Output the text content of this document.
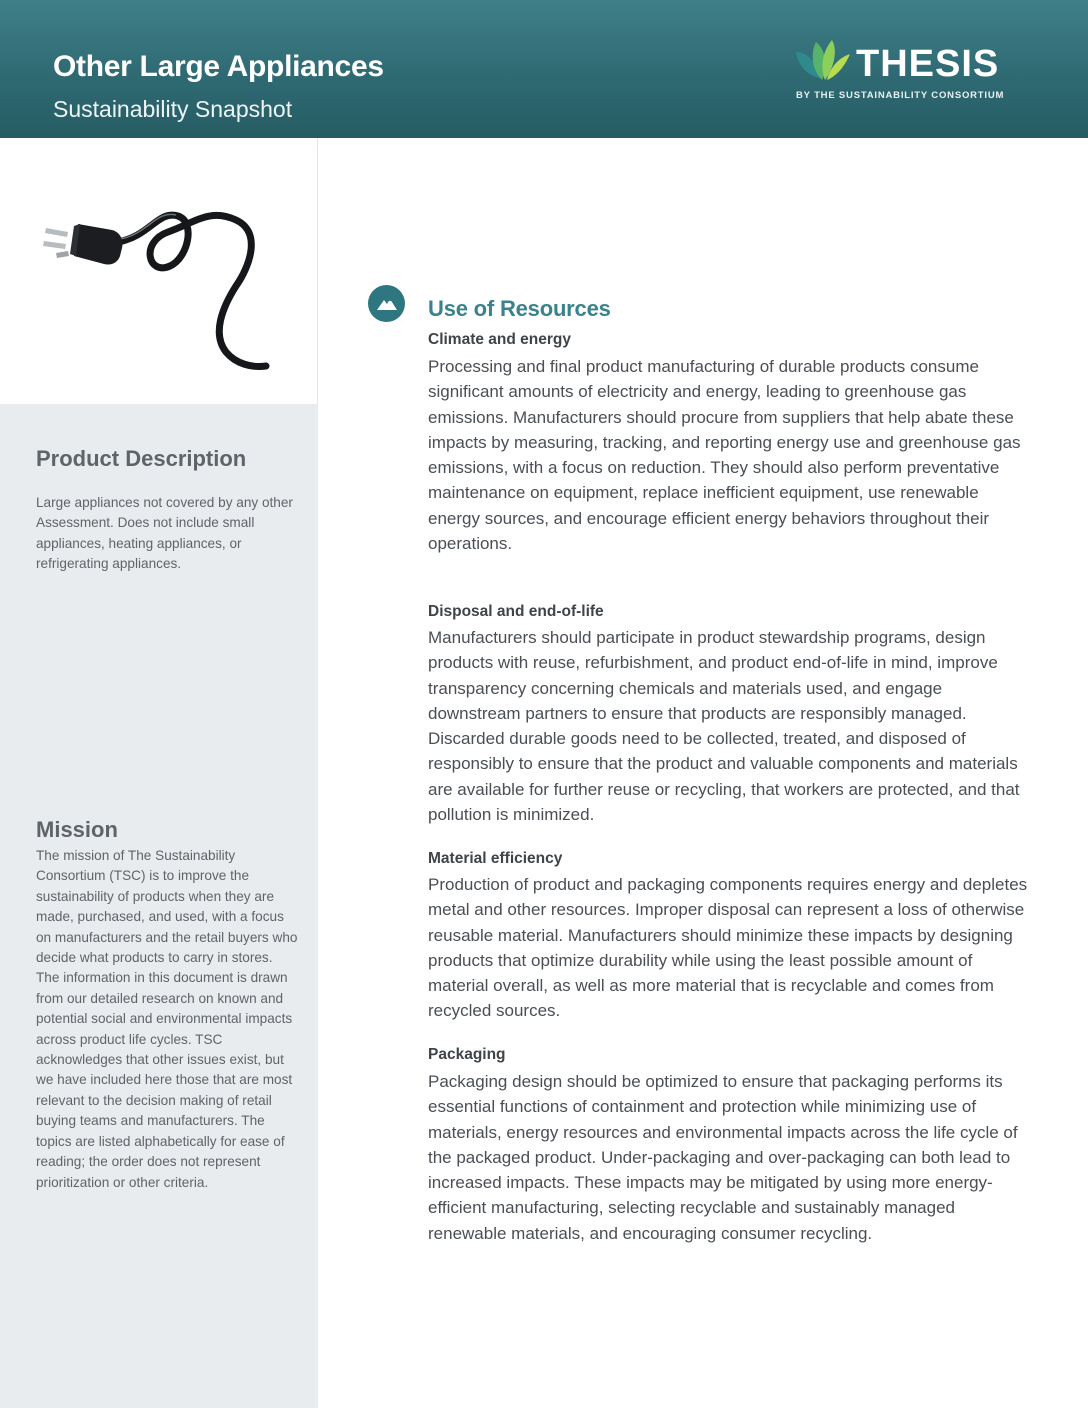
Other Large Appliances
Sustainability Snapshot
THESIS
BY THE SUSTAINABILITY CONSORTIUM
Product Description

Large appliances not covered by any other Assessment. Does not include small appliances, heating appliances, or refrigerating appliances.

Mission

The mission of The Sustainability Consortium (TSC) is to improve the sustainability of products when they are made, purchased, and used, with a focus on manufacturers and the retail buyers who decide what products to carry in stores. The information in this document is drawn from our detailed research on known and potential social and environmental impacts across product life cycles. TSC acknowledges that other issues exist, but we have included here those that are most relevant to the decision making of retail buying teams and manufacturers. The topics are listed alphabetically for ease of reading; the order does not represent prioritization or other criteria.

Use of Resources
Climate and energy

Processing and final product manufacturing of durable products consume significant amounts of electricity and energy, leading to greenhouse gas emissions. Manufacturers should procure from suppliers that help abate these impacts by measuring, tracking, and reporting energy use and greenhouse gas emissions, with a focus on reduction. They should also perform preventative maintenance on equipment, replace inefficient equipment, use renewable energy sources, and encourage efficient energy behaviors throughout their operations.

Disposal and end-of-life

Manufacturers should participate in product stewardship programs, design products with reuse, refurbishment, and product end-of-life in mind, improve transparency concerning chemicals and materials used, and engage downstream partners to ensure that products are responsibly managed. Discarded durable goods need to be collected, treated, and disposed of responsibly to ensure that the product and valuable components and materials are available for further reuse or recycling, that workers are protected, and that pollution is minimized.

Material efficiency

Production of product and packaging components requires energy and depletes metal and other resources. Improper disposal can represent a loss of otherwise reusable material. Manufacturers should minimize these impacts by designing products that optimize durability while using the least possible amount of material overall, as well as more material that is recyclable and comes from recycled sources.

Packaging

Packaging design should be optimized to ensure that packaging performs its essential functions of containment and protection while minimizing use of materials, energy resources and environmental impacts across the life cycle of the packaged product. Under-packaging and over-packaging can both lead to increased impacts. These impacts may be mitigated by using more energy-efficient manufacturing, selecting recyclable and sustainably managed renewable materials, and encouraging consumer recycling.
